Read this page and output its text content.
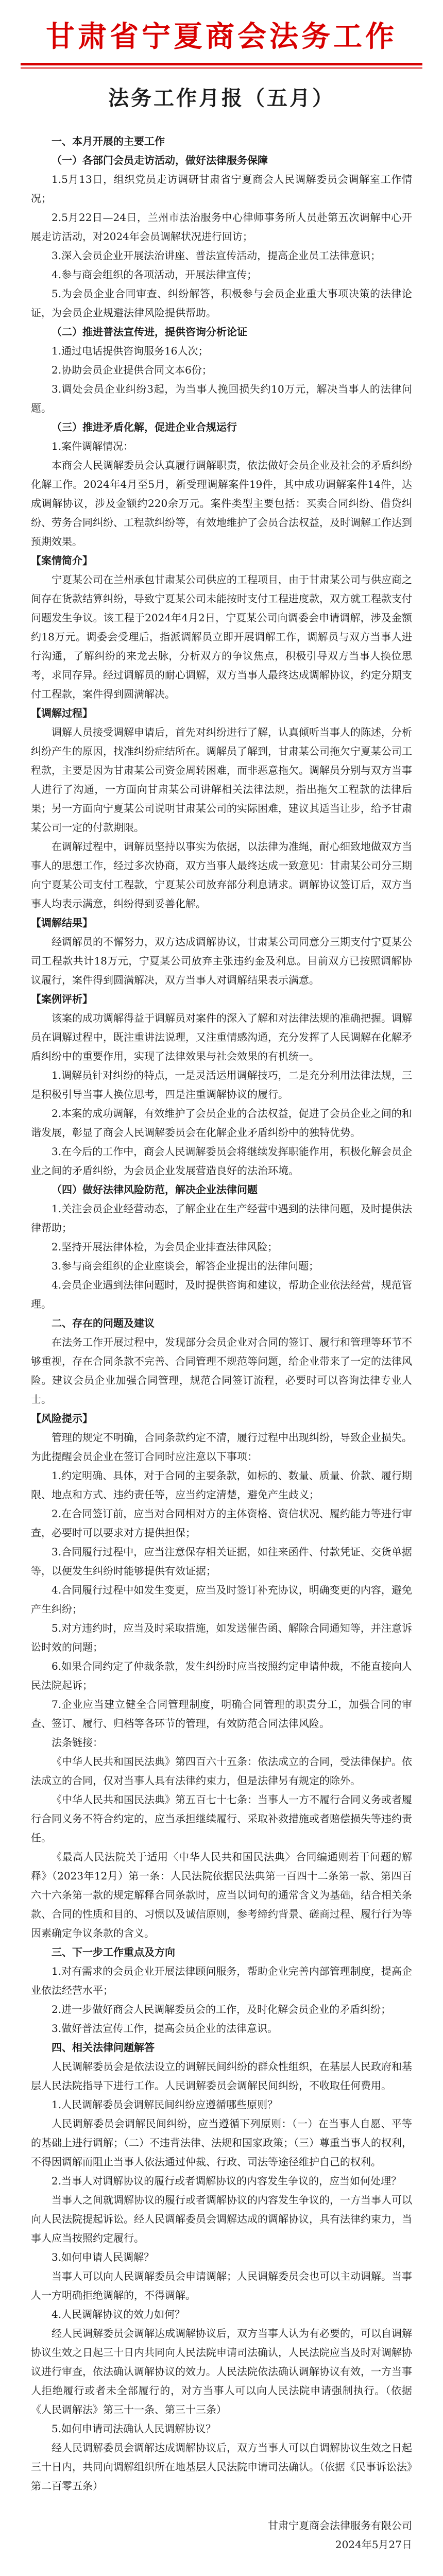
甘肃省宁夏商会法务工作
法务工作月报（五月）

一、本月开展的主要工作

（一）各部门会员走访活动，做好法律服务保障

1.5月13日，组织党员走访调研甘肃省宁夏商会人民调解委员会调解室工作情况；

2.5月22日—24日，兰州市法治服务中心律师事务所人员赴第五次调解中心开展走访活动，对2024年会员调解状况进行回访；

3.深入会员企业开展法治讲座、普法宣传活动，提高企业员工法律意识；

4.参与商会组织的各项活动，开展法律宣传；

5.为会员企业合同审查、纠纷解答，积极参与会员企业重大事项决策的法律论证，为会员企业规避法律风险提供帮助。

（二）推进普法宣传进，提供咨询分析论证

1.通过电话提供咨询服务16人次；

2.协助会员企业提供合同文本6份；

3.调处会员企业纠纷3起，为当事人挽回损失约10万元，解决当事人的法律问题。

（三）推进矛盾化解，促进企业合规运行

1.案件调解情况：

本商会人民调解委员会认真履行调解职责，依法做好会员企业及社会的矛盾纠纷化解工作。2024年4月至5月，新受理调解案件19件，其中成功调解案件14件，达成调解协议，涉及金额约220余万元。案件类型主要包括：买卖合同纠纷、借贷纠纷、劳务合同纠纷、工程款纠纷等，有效地维护了会员合法权益，及时调解工作达到预期效果。

【案情简介】

宁夏某公司在兰州承包甘肃某公司供应的工程项目，由于甘肃某公司与供应商之间存在货款结算纠纷，导致宁夏某公司未能按时支付工程进度款，双方就工程款支付问题发生争议。该工程于2024年4月2日，宁夏某公司向调委会申请调解，涉及金额约18万元。调委会受理后，指派调解员立即开展调解工作，调解员与双方当事人进行沟通，了解纠纷的来龙去脉，分析双方的争议焦点，积极引导双方当事人换位思考，求同存异。经过调解员的耐心调解，双方当事人最终达成调解协议，约定分期支付工程款，案件得到圆满解决。

【调解过程】

调解人员接受调解申请后，首先对纠纷进行了解，认真倾听当事人的陈述，分析纠纷产生的原因，找准纠纷症结所在。调解员了解到，甘肃某公司拖欠宁夏某公司工程款，主要是因为甘肃某公司资金周转困难，而非恶意拖欠。调解员分别与双方当事人进行了沟通，一方面向甘肃某公司讲解相关法律法规，指出拖欠工程款的法律后果；另一方面向宁夏某公司说明甘肃某公司的实际困难，建议其适当让步，给予甘肃某公司一定的付款期限。

在调解过程中，调解员坚持以事实为依据，以法律为准绳，耐心细致地做双方当事人的思想工作，经过多次协商，双方当事人最终达成一致意见：甘肃某公司分三期向宁夏某公司支付工程款，宁夏某公司放弃部分利息请求。调解协议签订后，双方当事人均表示满意，纠纷得到妥善化解。

【调解结果】

经调解员的不懈努力，双方达成调解协议，甘肃某公司同意分三期支付宁夏某公司工程款共计18万元，宁夏某公司放弃主张违约金及利息。目前双方已按照调解协议履行，案件得到圆满解决，双方当事人对调解结果表示满意。

【案例评析】

该案的成功调解得益于调解员对案件的深入了解和对法律法规的准确把握。调解员在调解过程中，既注重讲法说理，又注重情感沟通，充分发挥了人民调解在化解矛盾纠纷中的重要作用，实现了法律效果与社会效果的有机统一。

1.调解员针对纠纷的特点，一是灵活运用调解技巧，二是充分利用法律法规，三是积极引导当事人换位思考，四是注重调解协议的履行。

2.本案的成功调解，有效维护了会员企业的合法权益，促进了会员企业之间的和谐发展，彰显了商会人民调解委员会在化解企业矛盾纠纷中的独特优势。

3.在今后的工作中，商会人民调解委员会将继续发挥职能作用，积极化解会员企业之间的矛盾纠纷，为会员企业发展营造良好的法治环境。

（四）做好法律风险防范，解决企业法律问题

1.关注会员企业经营动态，了解企业在生产经营中遇到的法律问题，及时提供法律帮助；

2.坚持开展法律体检，为会员企业排查法律风险；

3.参与商会组织的企业座谈会，解答企业提出的法律问题；

4.会员企业遇到法律问题时，及时提供咨询和建议，帮助企业依法经营，规范管理。

二、存在的问题及建议

在法务工作开展过程中，发现部分会员企业对合同的签订、履行和管理等环节不够重视，存在合同条款不完善、合同管理不规范等问题，给企业带来了一定的法律风险。建议会员企业加强合同管理，规范合同签订流程，必要时可以咨询法律专业人士。

【风险提示】

管理的规定不明确，合同条款约定不清，履行过程中出现纠纷，导致企业损失。为此提醒会员企业在签订合同时应注意以下事项：

1.约定明确、具体，对于合同的主要条款，如标的、数量、质量、价款、履行期限、地点和方式、违约责任等，应当约定清楚，避免产生歧义；

2.在合同签订前，应当对合同相对方的主体资格、资信状况、履约能力等进行审查，必要时可以要求对方提供担保；

3.合同履行过程中，应当注意保存相关证据，如往来函件、付款凭证、交货单据等，以便发生纠纷时能够提供有效证据；

4.合同履行过程中如发生变更，应当及时签订补充协议，明确变更的内容，避免产生纠纷；

5.对方违约时，应当及时采取措施，如发送催告函、解除合同通知等，并注意诉讼时效的问题；

6.如果合同约定了仲裁条款，发生纠纷时应当按照约定申请仲裁，不能直接向人民法院起诉；

7.企业应当建立健全合同管理制度，明确合同管理的职责分工，加强合同的审查、签订、履行、归档等各环节的管理，有效防范合同法律风险。

法条链接：

《中华人民共和国民法典》第四百六十五条：依法成立的合同，受法律保护。依法成立的合同，仅对当事人具有法律约束力，但是法律另有规定的除外。

《中华人民共和国民法典》第五百七十七条：当事人一方不履行合同义务或者履行合同义务不符合约定的，应当承担继续履行、采取补救措施或者赔偿损失等违约责任。

《最高人民法院关于适用〈中华人民共和国民法典〉合同编通则若干问题的解释》（2023年12月）第一条：人民法院依据民法典第一百四十二条第一款、第四百六十六条第一款的规定解释合同条款时，应当以词句的通常含义为基础，结合相关条款、合同的性质和目的、习惯以及诚信原则，参考缔约背景、磋商过程、履行行为等因素确定争议条款的含义。

三、下一步工作重点及方向

1.对有需求的会员企业开展法律顾问服务，帮助企业完善内部管理制度，提高企业依法经营水平；

2.进一步做好商会人民调解委员会的工作，及时化解会员企业的矛盾纠纷；

3.做好普法宣传工作，提高会员企业的法律意识。

四、相关法律问题解答

人民调解委员会是依法设立的调解民间纠纷的群众性组织，在基层人民政府和基层人民法院指导下进行工作。人民调解委员会调解民间纠纷，不收取任何费用。

1.人民调解委员会调解民间纠纷应遵循哪些原则？

人民调解委员会调解民间纠纷，应当遵循下列原则：（一）在当事人自愿、平等的基础上进行调解；（二）不违背法律、法规和国家政策；（三）尊重当事人的权利，不得因调解而阻止当事人依法通过仲裁、行政、司法等途径维护自己的权利。

2.当事人对调解协议的履行或者调解协议的内容发生争议的，应当如何处理？

当事人之间就调解协议的履行或者调解协议的内容发生争议的，一方当事人可以向人民法院提起诉讼。经人民调解委员会调解达成的调解协议，具有法律约束力，当事人应当按照约定履行。

3.如何申请人民调解？

当事人可以向人民调解委员会申请调解；人民调解委员会也可以主动调解。当事人一方明确拒绝调解的，不得调解。

4.人民调解协议的效力如何？

经人民调解委员会调解达成调解协议后，双方当事人认为有必要的，可以自调解协议生效之日起三十日内共同向人民法院申请司法确认，人民法院应当及时对调解协议进行审查，依法确认调解协议的效力。人民法院依法确认调解协议有效，一方当事人拒绝履行或者未全部履行的，对方当事人可以向人民法院申请强制执行。（依据《人民调解法》第三十一条、第三十三条）

5.如何申请司法确认人民调解协议？

经人民调解委员会调解达成调解协议后，双方当事人可以自调解协议生效之日起三十日内，共同向调解组织所在地基层人民法院申请司法确认。（依据《民事诉讼法》第二百零五条）

甘肃宁夏商会法律服务有限公司

2024年5月27日
